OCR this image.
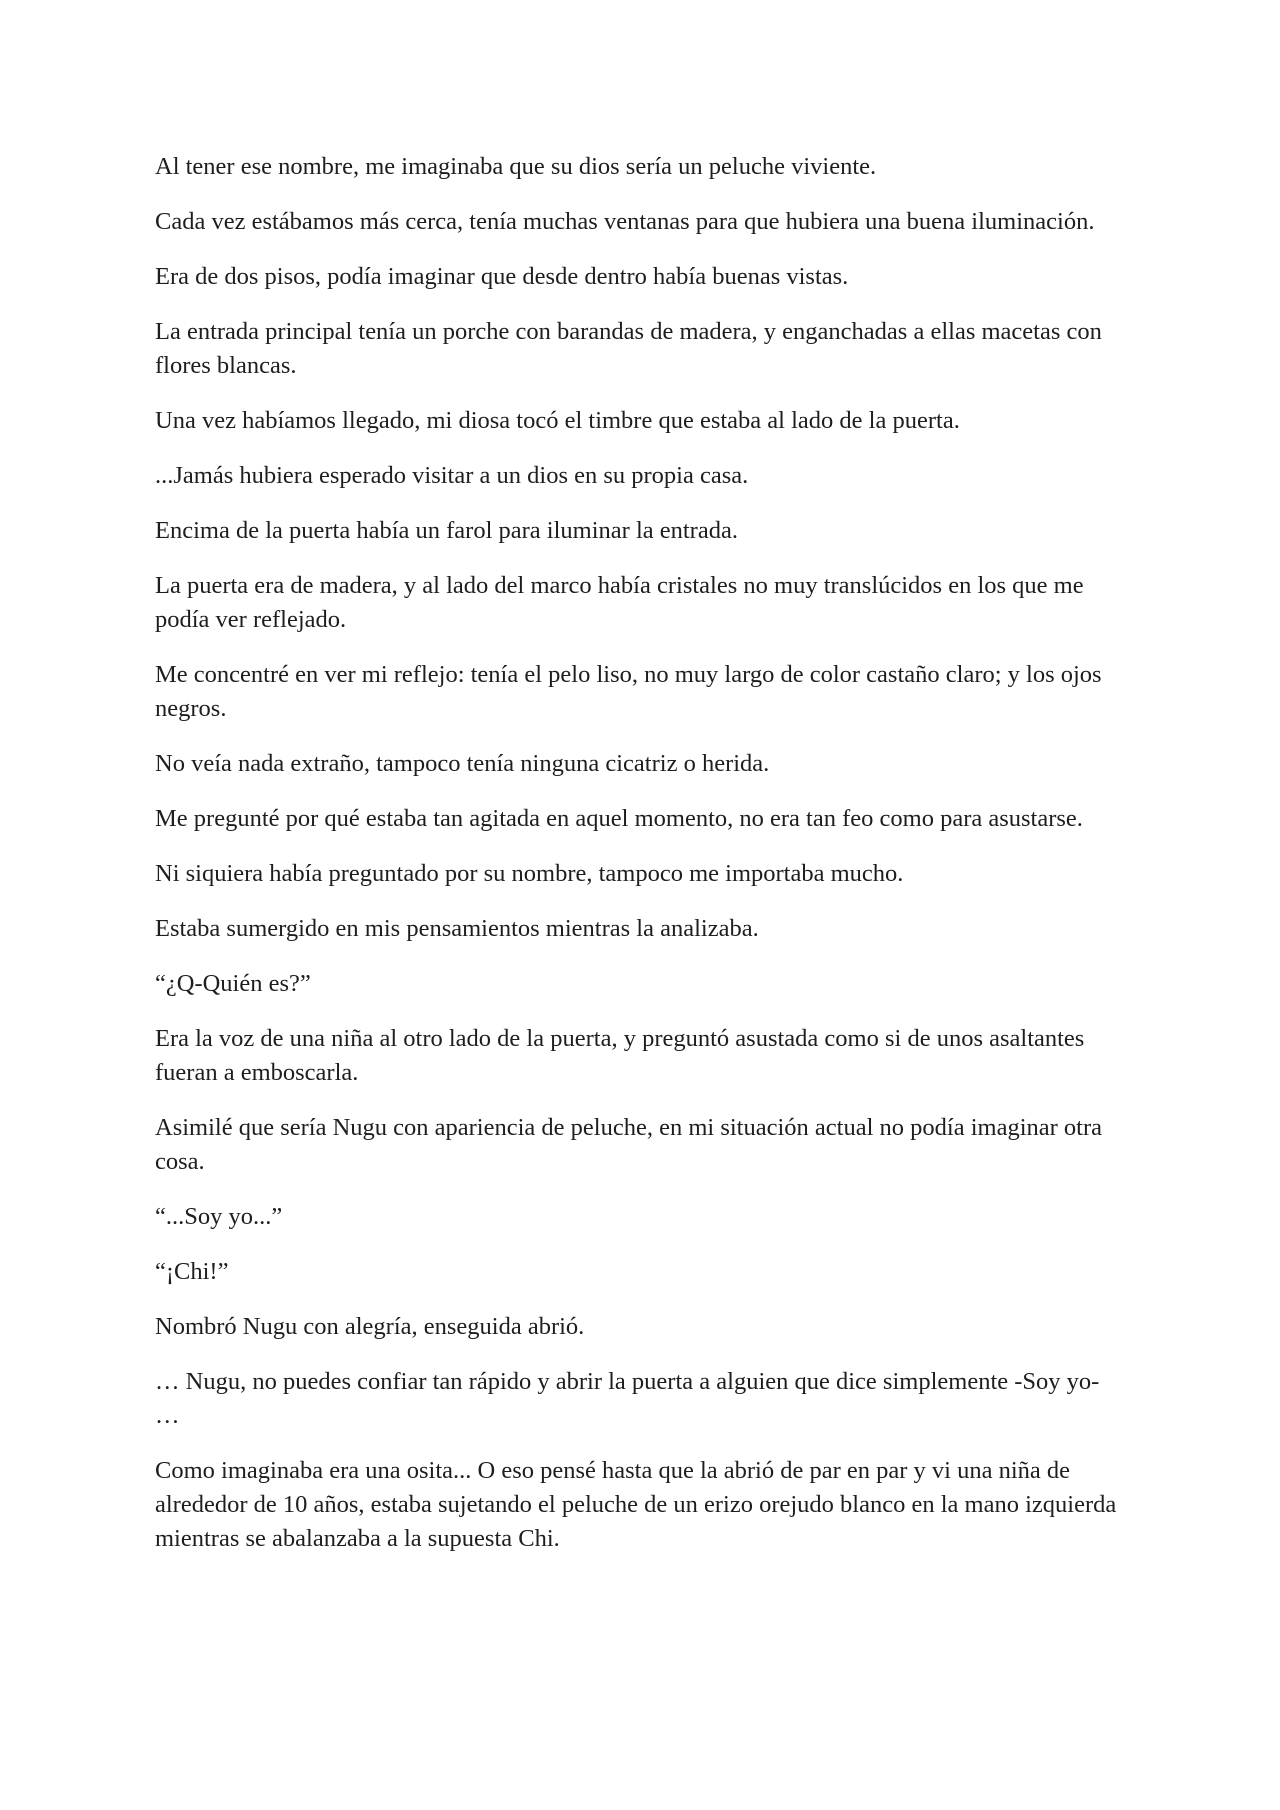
Al tener ese nombre, me imaginaba que su dios sería un peluche viviente.

Cada vez estábamos más cerca, tenía muchas ventanas para que hubiera una buena iluminación.

Era de dos pisos, podía imaginar que desde dentro había buenas vistas.

La entrada principal tenía un porche con barandas de madera, y enganchadas a ellas macetas con flores blancas.

Una vez habíamos llegado, mi diosa tocó el timbre que estaba al lado de la puerta.

...Jamás hubiera esperado visitar a un dios en su propia casa.

Encima de la puerta había un farol para iluminar la entrada.

La puerta era de madera, y al lado del marco había cristales no muy translúcidos en los que me podía ver reflejado.

Me concentré en ver mi reflejo: tenía el pelo liso, no muy largo de color castaño claro; y los ojos negros.

No veía nada extraño, tampoco tenía ninguna cicatriz o herida.

Me pregunté por qué estaba tan agitada en aquel momento, no era tan feo como para asustarse.

Ni siquiera había preguntado por su nombre, tampoco me importaba mucho.

Estaba sumergido en mis pensamientos mientras la analizaba.

“¿Q-Quién es?”

Era la voz de una niña al otro lado de la puerta, y preguntó asustada como si de unos asaltantes fueran a emboscarla.

Asimilé que sería Nugu con apariencia de peluche, en mi situación actual no podía imaginar otra cosa.

“...Soy yo...”

“¡Chi!”

Nombró Nugu con alegría, enseguida abrió.

… Nugu, no puedes confiar tan rápido y abrir la puerta a alguien que dice simplemente -Soy yo- …

Como imaginaba era una osita... O eso pensé hasta que la abrió de par en par y vi una niña de alrededor de 10 años, estaba sujetando el peluche de un erizo orejudo blanco en la mano izquierda mientras se abalanzaba a la supuesta Chi.
